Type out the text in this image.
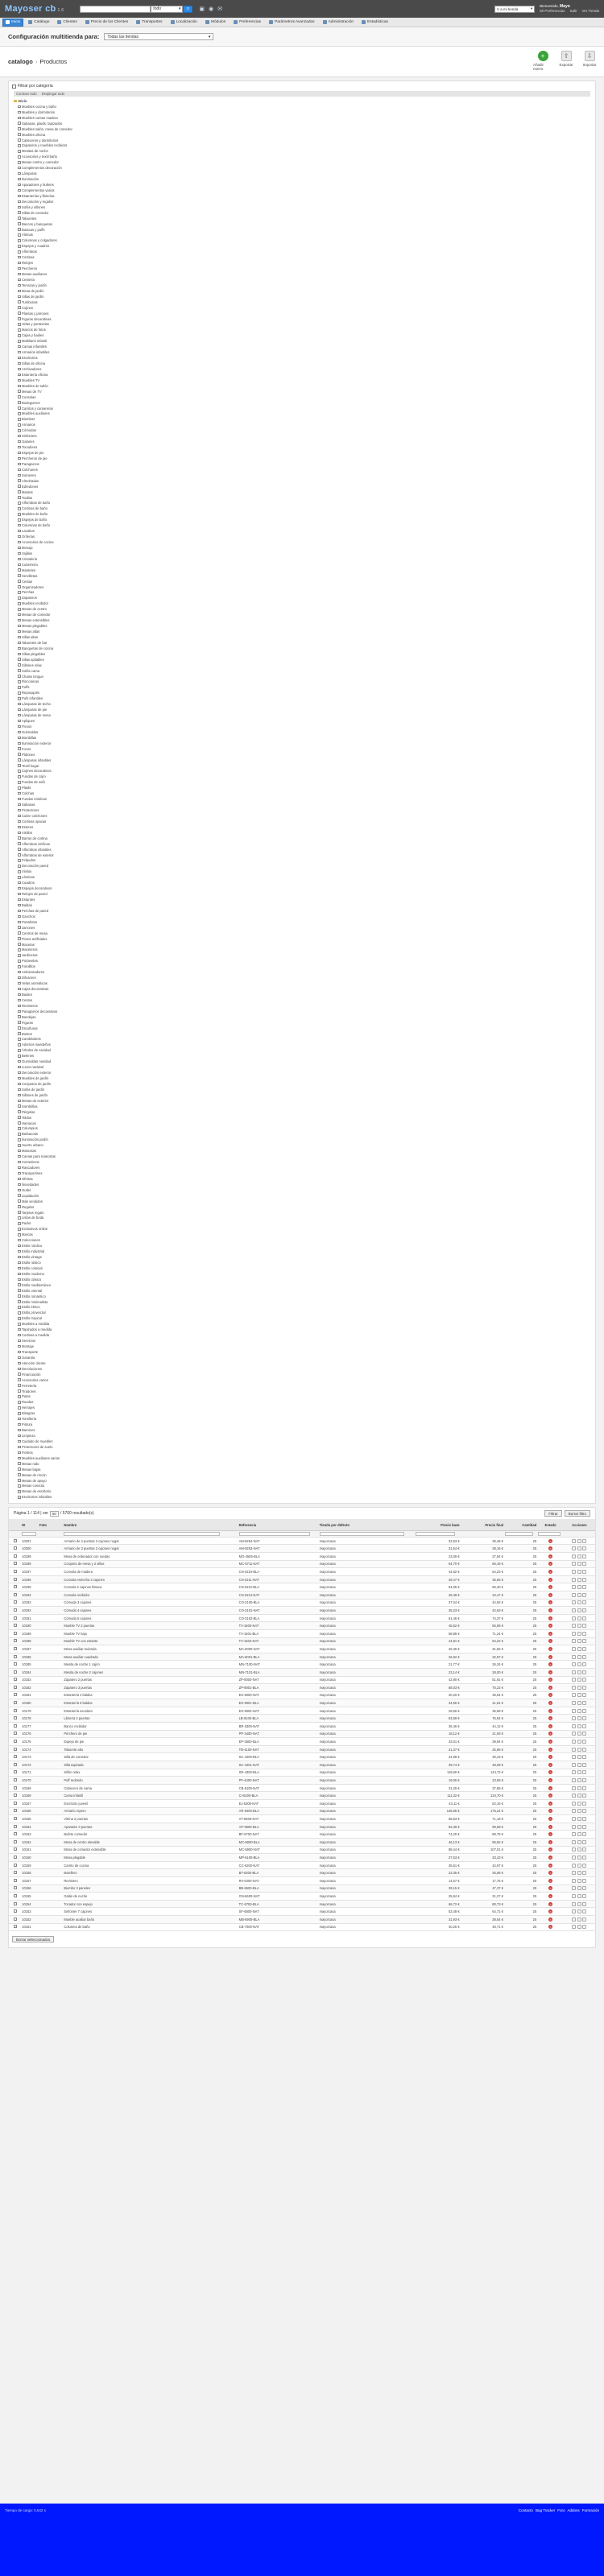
Mayoser cb 1.6	todo	▾ ⌕ ▣ ◉ ✉	Ir a mi tienda	▾
Bienvenido, Mayo
Mi Preferencias Salir Ver Tienda
Inicio	Catálogo	Clientes	Precio de los Clientes	Transportes	Localización	Módulos	Preferencias	Parámetros Avanzados	Administración	Estadísticas
Configuración multitienda para: Todas las tiendas	▾
catalogo › Productos
+
Añadir nuevo
⇪
Exportar
⇩
Importar
Filtrar por categoría
Contraer todo Desplegar todo
Inicio
Muebles cocina y baño
Muebles y dormitorios
Muebles camas madera
Sabanas, plaids, tapizados
Muebles salón, mesa de comedor
Muebles oficina
Cabeceros y dormitorios
Zapateros y muebles recibidor
Mesitas de noche
Accesorios y textil baño
Mesas centro y comedor
Complementos decoración
Lámparas
Iluminación
Aparadores y bufetes
Complementos varios
Estanterías y librerías
Decoración y regalos
Sofás y sillones
Sillas de comedor
Taburetes
Bancos y banquetas
Butacas y puffs
Vitrinas
Columnas y colgadores
Espejos y cuadros
Alfombras
Cortinas
Relojes
Percheros
Mesas auxiliares
Cestería
Terrazas y jardín
Mesa de jardín
Sillas de jardín
Tumbonas
Cojines
Plantas y jarrones
Figuras decorativas
Velas y portavelas
Marcos de fotos
Cajas y baúles
Mobiliario infantil
Camas infantiles
Armarios infantiles
Escritorios
Sillas de oficina
Archivadores
Estantería oficina
Muebles TV
Muebles de salón
Mesas de TV
Consolas
Bodegueros
Carritos y camareras
Muebles auxiliares
Biombos
Armarios
Cómodas
Sinfoniers
Galanes
Tocadores
Espejos de pie
Percheros de pie
Paragüeros
Colchones
Somieres
Almohadas
Edredones
Mantas
Toallas
Alfombras de baño
Cortinas de baño
Muebles de baño
Espejos de baño
Columnas de baño
Lavabos
Griferías
Accesorios de cocina
Menaje
Vajillas
Cristalería
Cubertería
Manteles
Servilletas
Cestas
Organizadores
Perchas
Zapateros
Muebles recibidor
Mesas de centro
Mesas de comedor
Mesas extensibles
Mesas plegables
Mesas altas
Sillas altas
Taburetes de bar
Banquetas de cocina
Sillas plegables
Sillas apilables
Sillones relax
Sofás cama
Chaise longue
Rinconeras
Puffs
Reposapiés
Pufs infantiles
Lámparas de techo
Lámparas de pie
Lámparas de mesa
Apliques
Flexos
Guirnaldas
Bombillas
Iluminación exterior
Focos
Plafones
Lámparas infantiles
Textil hogar
Cojines decorativos
Fundas de cojín
Fundas de sofá
Plaids
Colchas
Fundas nórdicas
Sábanas
Protectores
Cubre colchones
Cortinas opacas
Estores
Visillos
Barras de cortina
Alfombras vinílicas
Alfombras infantiles
Alfombras de exterior
Felpudos
Decoración pared
Vinilos
Láminas
Cuadros
Espejos decorativos
Relojes de pared
Estantes
Baldas
Perchas de pared
Ganchos
Portafotos
Jarrones
Centros de mesa
Flores artificiales
Macetas
Maceteros
Jardineras
Portavelas
Farolillos
Ambientadores
Difusores
Velas aromáticas
Cajas decorativas
Baúles
Cestos
Revisteros
Paragüeros decorativos
Bandejas
Figuras
Esculturas
Bustos
Candelabros
Adornos navideños
Árboles de navidad
Belenes
Guirnaldas navidad
Luces navidad
Decoración exterior
Muebles de jardín
Conjuntos de jardín
Sofás de jardín
Sillones de jardín
Mesas de exterior
Sombrillas
Pérgolas
Toldos
Hamacas
Columpios
Barbacoas
Iluminación jardín
Huerto urbano
Mascotas
Camas para mascotas
Comederos
Rascadores
Transportines
Ofertas
Novedades
Outlet
Liquidación
Más vendidos
Regalos
Tarjetas regalo
Listas de boda
Packs
Exclusivos online
Marcas
Colecciones
Estilo nórdico
Estilo industrial
Estilo vintage
Estilo rústico
Estilo colonial
Estilo moderno
Estilo clásico
Estilo mediterráneo
Estilo oriental
Estilo romántico
Estilo minimalista
Estilo étnico
Estilo provenzal
Estilo tropical
Muebles a medida
Tapizados a medida
Cortinas a medida
Servicios
Montaje
Transporte
Garantía
Atención cliente
Devoluciones
Financiación
Accesorios varios
Ferretería
Tiradores
Patas
Ruedas
Herrajes
Bisagras
Tornillería
Pintura
Barnices
Limpieza
Cuidado de muebles
Protectores de suelo
Fieltros
Muebles auxiliares varios
Mesas nido
Mesas bajas
Mesas de rincón
Mesas de apoyo
Mesas consola
Mesas de escritorio
Escritorios infantiles
Página 1 / 114 | ver 50 / 5700 resultado(s)	Filtrar	Borrar filtro
	ID	Foto	Nombre	Referencia	Tienda por defecto	Precio base	Precio final	Cantidad	Estado	Acciones

	10201		Armario de 4 puertas 2 cajones nogal	AM-8254-NAT	mayorcasa	32,63 €	39,48 €	25	×	

	10200		Armario de 3 puertas 2 cajones nogal	AM-8253-NAT	mayorcasa	31,54 €	38,16 €	25	×	

	10199		Mesa de ordenador con ruedas	MO-4506-BLA	mayorcasa	23,09 €	27,94 €	25	×	

	10198		Conjunto de mesa y 2 sillas	MC-5711-NAT	mayorcasa	54,70 €	66,19 €	25	×	

	10197		Consola de madera	CN-3210-BLA	mayorcasa	44,82 €	54,23 €	25	×	

	10196		Consola estrecha 3 cajones	CN-3211-NAT	mayorcasa	29,47 €	35,66 €	25	×	

	10195		Consola 2 cajones blanca	CN-3212-BLA	mayorcasa	54,05 €	65,40 €	25	×	

	10194		Consola recibidor	CN-3213-NAT	mayorcasa	28,49 €	34,47 €	25	×	

	10193		Cómoda 3 cajones	CO-2100-BLA	mayorcasa	37,04 €	44,82 €	25	×	

	10192		Cómoda 4 cajones	CO-2101-NAT	mayorcasa	35,23 €	42,63 €	25	×	

	10191		Cómoda 5 cajones	CO-2102-BLA	mayorcasa	61,46 €	74,37 €	25	×	

	10190		Mueble TV 2 puertas	TV-1500-NAT	mayorcasa	45,52 €	55,08 €	25	×	

	10189		Mueble TV bajo	TV-1501-BLA	mayorcasa	58,88 €	71,24 €	25	×	

	10188		Mueble TV con estante	TV-1502-NAT	mayorcasa	44,81 €	54,22 €	25	×	

	10187		Mesa auxiliar redonda	MA-6000-NAT	mayorcasa	26,30 €	31,82 €	25	×	

	10186		Mesa auxiliar cuadrada	MA-6001-BLA	mayorcasa	26,92 €	32,57 €	25	×	

	10185		Mesita de noche 1 cajón	MN-7100-NAT	mayorcasa	21,77 €	26,34 €	25	×	

	10184		Mesita de noche 2 cajones	MN-7101-BLA	mayorcasa	23,14 €	28,00 €	25	×	

	10183		Zapatero 2 puertas	ZP-8000-NAT	mayorcasa	42,90 €	51,91 €	25	×	

	10182		Zapatero 3 puertas	ZP-8001-BLA	mayorcasa	58,03 €	70,22 €	25	×	

	10181		Estantería 4 baldas	ES-9000-NAT	mayorcasa	30,20 €	36,54 €	25	×	

	10180		Estantería 5 baldas	ES-9001-BLA	mayorcasa	34,55 €	41,81 €	25	×	

	10179		Estantería escalera	ES-9002-NAT	mayorcasa	29,66 €	35,89 €	25	×	

	10178		Librería 2 puertas	LB-9100-BLA	mayorcasa	63,59 €	76,94 €	25	×	

	10177		Banco recibidor	BR-3300-NAT	mayorcasa	36,46 €	44,12 €	25	×	

	10176		Perchero de pie	PP-3400-NAT	mayorcasa	18,12 €	21,93 €	25	×	

	10175		Espejo de pie	EP-3500-BLA	mayorcasa	33,01 €	39,94 €	25	×	

	10174		Taburete alto	TB-4100-NAT	mayorcasa	21,37 €	25,86 €	25	×	

	10173		Silla de comedor	SC-4200-BLA	mayorcasa	24,98 €	30,23 €	25	×	

	10172		Silla tapizada	SC-4201-NAT	mayorcasa	39,74 €	48,09 €	25	×	

	10171		Sillón relax	SR-4300-BLA	mayorcasa	119,60 €	144,72 €	25	×	

	10170		Puff redondo	PF-4400-NAT	mayorcasa	19,06 €	23,06 €	25	×	

	10169		Cabecero de cama	CB-5100-NAT	mayorcasa	31,28 €	37,85 €	25	×	

	10168		Cama infantil	CI-5200-BLA	mayorcasa	111,32 €	134,70 €	25	×	

	10167		Escritorio juvenil	EJ-5300-NAT	mayorcasa	43,11 €	52,16 €	25	×	

	10166		Armario ropero	AR-5400-BLA	mayorcasa	145,65 €	176,24 €	25	×	

	10165		Vitrina 2 puertas	VT-5500-NAT	mayorcasa	58,83 €	71,18 €	25	×	

	10164		Aparador 3 puertas	AP-5600-BLA	mayorcasa	82,38 €	99,68 €	25	×	

	10163		Bufete comedor	BF-5700-NAT	mayorcasa	74,20 €	89,78 €	25	×	

	10162		Mesa de centro elevable	MC-5800-BLA	mayorcasa	46,13 €	55,82 €	25	×	

	10161		Mesa de comedor extensible	MC-5900-NAT	mayorcasa	88,44 €	107,01 €	25	×	

	10160		Mesa plegable	MP-6100-BLA	mayorcasa	27,63 €	33,43 €	25	×	

	10159		Carrito de cocina	CC-6200-NAT	mayorcasa	35,51 €	42,97 €	25	×	

	10158		Botellero	BT-6300-BLA	mayorcasa	22,05 €	26,68 €	25	×	

	10157		Revistero	RV-6400-NAT	mayorcasa	14,67 €	17,75 €	25	×	

	10156		Biombo 3 paneles	BB-6500-BLA	mayorcasa	39,15 €	47,37 €	25	×	

	10155		Galán de noche	GN-6600-NAT	mayorcasa	25,84 €	31,27 €	25	×	

	10154		Tocador con espejo	TC-6700-BLA	mayorcasa	66,72 €	80,73 €	25	×	

	10153		Sinfonier 7 cajones	SF-6800-NAT	mayorcasa	53,48 €	64,71 €	25	×	

	10152		Mueble auxiliar baño	MB-6900-BLA	mayorcasa	31,93 €	38,64 €	25	×	

	10151		Columna de baño	CB-7000-NAT	mayorcasa	40,26 €	48,71 €	25	×	
Borrar seleccionados
Tiempo de carga: 0,642 s	Contacto Bug Tracker Foro Addons Formación
